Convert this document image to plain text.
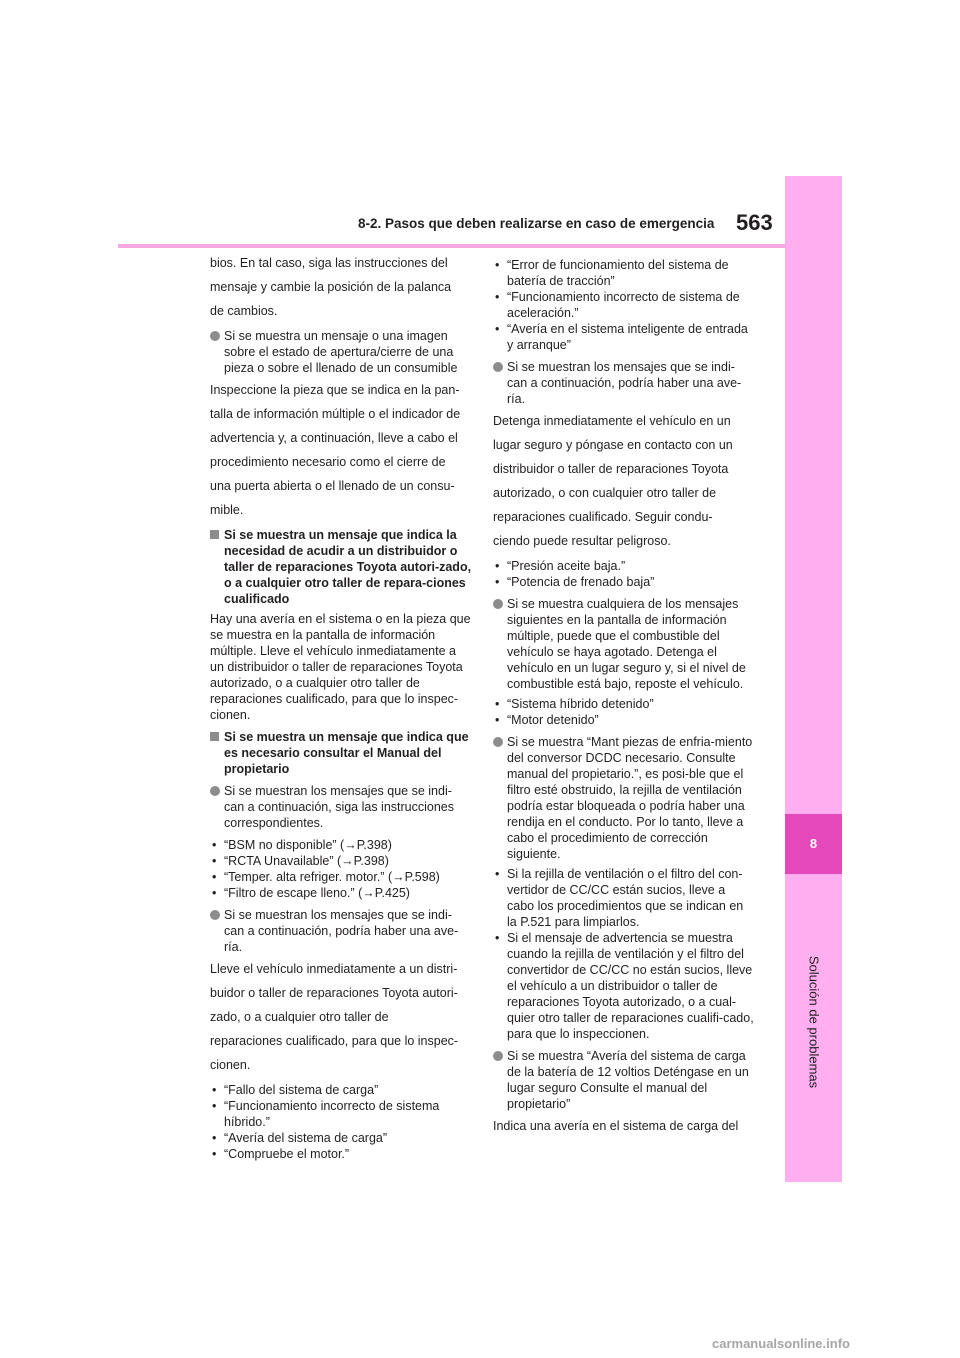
8
Solución de problemas
8-2. Pasos que deben realizarse en caso de emergencia 563

bios. En tal caso, siga las instrucciones del

mensaje y cambie la posición de la palanca

de cambios.

Si se muestra un mensaje o una imagen sobre el estado de apertura/cierre de una pieza o sobre el llenado de un consumible

Inspeccione la pieza que se indica en la pan-

talla de información múltiple o el indicador de

advertencia y, a continuación, lleve a cabo el

procedimiento necesario como el cierre de

una puerta abierta o el llenado de un consu-

mible.

Si se muestra un mensaje que indica la necesidad de acudir a un distribuidor o taller de reparaciones Toyota autori-zado, o a cualquier otro taller de repara-ciones cualificado

Hay una avería en el sistema o en la pieza que se muestra en la pantalla de información múltiple. Lleve el vehículo inmediatamente a un distribuidor o taller de reparaciones Toyota autorizado, o a cualquier otro taller de reparaciones cualificado, para que lo inspec-cionen.

Si se muestra un mensaje que indica que es necesario consultar el Manual del propietario
Si se muestran los mensajes que se indi-can a continuación, siga las instrucciones correspondientes.
• “BSM no disponible” (→P.398)
• “RCTA Unavailable” (→P.398)
• “Temper. alta refriger. motor.” (→P.598)
• “Filtro de escape lleno.” (→P.425)
Si se muestran los mensajes que se indi-can a continuación, podría haber una ave-ría.

Lleve el vehículo inmediatamente a un distri-

buidor o taller de reparaciones Toyota autori-

zado, o a cualquier otro taller de

reparaciones cualificado, para que lo inspec-

cionen.

• “Fallo del sistema de carga”
• “Funcionamiento incorrecto de sistema híbrido.”
• “Avería del sistema de carga”
• “Compruebe el motor.”
• “Error de funcionamiento del sistema de batería de tracción”
• “Funcionamiento incorrecto de sistema de aceleración.”
• “Avería en el sistema inteligente de entrada y arranque”
Si se muestran los mensajes que se indi-can a continuación, podría haber una ave-ría.

Detenga inmediatamente el vehículo en un

lugar seguro y póngase en contacto con un

distribuidor o taller de reparaciones Toyota

autorizado, o con cualquier otro taller de

reparaciones cualificado. Seguir condu-

ciendo puede resultar peligroso.

• “Presión aceite baja.”
• “Potencia de frenado baja”
Si se muestra cualquiera de los mensajes siguientes en la pantalla de información múltiple, puede que el combustible del vehículo se haya agotado. Detenga el vehículo en un lugar seguro y, si el nivel de combustible está bajo, reposte el vehículo.
• “Sistema híbrido detenido”
• “Motor detenido”
Si se muestra “Mant piezas de enfria-miento del conversor DCDC necesario. Consulte manual del propietario.”, es posi-ble que el filtro esté obstruido, la rejilla de ventilación podría estar bloqueada o podría haber una rendija en el conducto. Por lo tanto, lleve a cabo el procedimiento de corrección siguiente.
• Si la rejilla de ventilación o el filtro del con-vertidor de CC/CC están sucios, lleve a cabo los procedimientos que se indican en la P.521 para limpiarlos.
• Si el mensaje de advertencia se muestra cuando la rejilla de ventilación y el filtro del convertidor de CC/CC no están sucios, lleve el vehículo a un distribuidor o taller de reparaciones Toyota autorizado, o a cual-quier otro taller de reparaciones cualifi-cado, para que lo inspeccionen.
Si se muestra “Avería del sistema de carga de la batería de 12 voltios Deténgase en un lugar seguro Consulte el manual del propietario”

Indica una avería en el sistema de carga del

carmanualsonline.info
